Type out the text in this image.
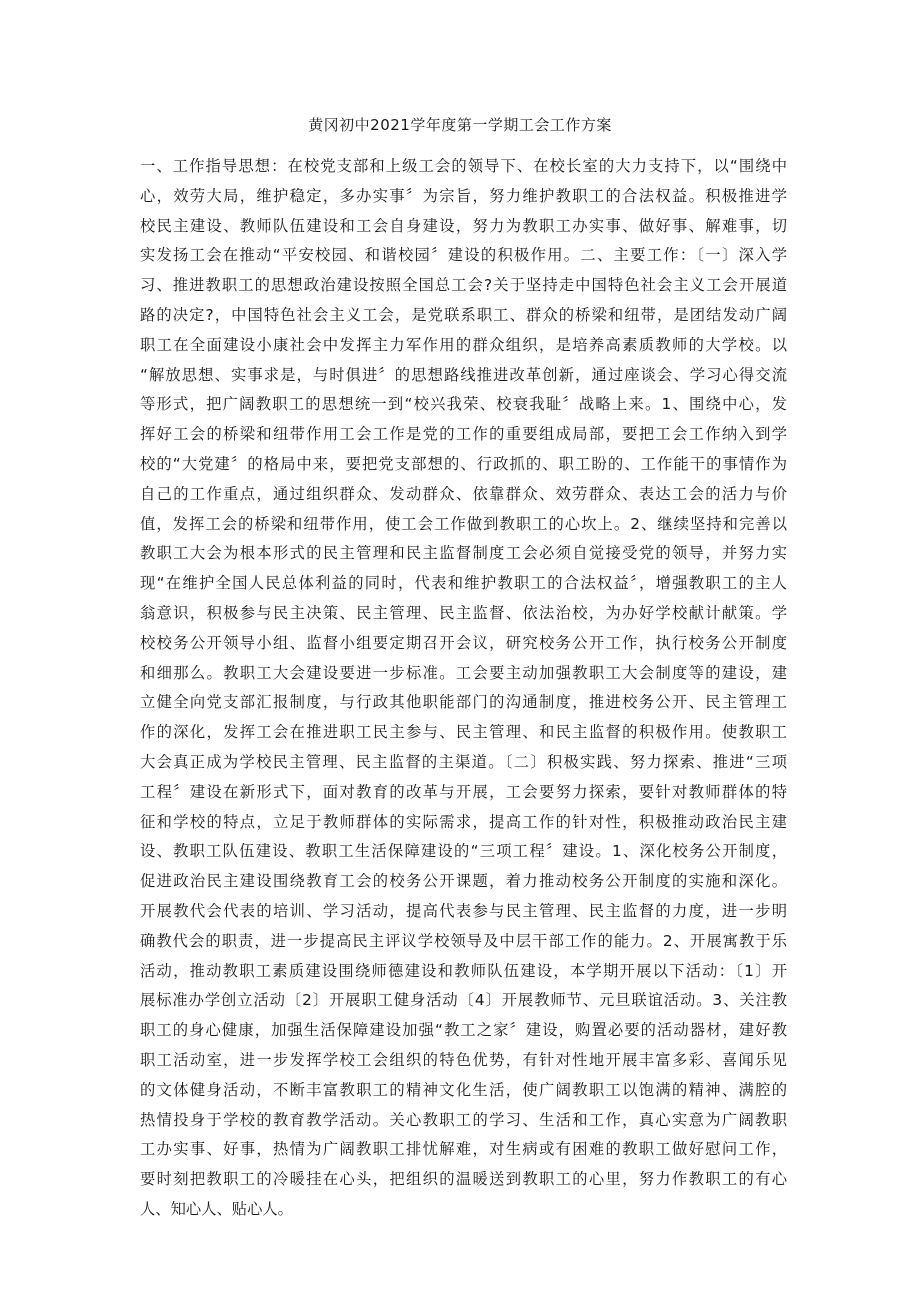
黄冈初中2021学年度第一学期工会工作方案
一、工作指导思想：在校党支部和上级工会的领导下、在校长室的大力支持下，以“围绕中
心，效劳大局，维护稳定，多办实事〞为宗旨，努力维护教职工的合法权益。积极推进学
校民主建设、教师队伍建设和工会自身建设，努力为教职工办实事、做好事、解难事，切
实发扬工会在推动“平安校园、和谐校园〞建设的积极作用。二、主要工作：〔一〕深入学
习、推进教职工的思想政治建设按照全国总工会?关于坚持走中国特色社会主义工会开展道
路的决定?，中国特色社会主义工会，是党联系职工、群众的桥梁和纽带，是团结发动广阔
职工在全面建设小康社会中发挥主力军作用的群众组织，是培养高素质教师的大学校。以
“解放思想、实事求是，与时俱进〞的思想路线推进改革创新，通过座谈会、学习心得交流
等形式，把广阔教职工的思想统一到“校兴我荣、校衰我耻〞战略上来。1、围绕中心，发
挥好工会的桥梁和纽带作用工会工作是党的工作的重要组成局部，要把工会工作纳入到学
校的“大党建〞的格局中来，要把党支部想的、行政抓的、职工盼的、工作能干的事情作为
自己的工作重点，通过组织群众、发动群众、依靠群众、效劳群众、表达工会的活力与价
值，发挥工会的桥梁和纽带作用，使工会工作做到教职工的心坎上。2、继续坚持和完善以
教职工大会为根本形式的民主管理和民主监督制度工会必须自觉接受党的领导，并努力实
现“在维护全国人民总体利益的同时，代表和维护教职工的合法权益〞，增强教职工的主人
翁意识，积极参与民主决策、民主管理、民主监督、依法治校，为办好学校献计献策。学
校校务公开领导小组、监督小组要定期召开会议，研究校务公开工作，执行校务公开制度
和细那么。教职工大会建设要进一步标准。工会要主动加强教职工大会制度等的建设，建
立健全向党支部汇报制度，与行政其他职能部门的沟通制度，推进校务公开、民主管理工
作的深化，发挥工会在推进职工民主参与、民主管理、和民主监督的积极作用。使教职工
大会真正成为学校民主管理、民主监督的主渠道。〔二〕积极实践、努力探索、推进“三项
工程〞建设在新形式下，面对教育的改革与开展，工会要努力探索，要针对教师群体的特
征和学校的特点，立足于教师群体的实际需求，提高工作的针对性，积极推动政治民主建
设、教职工队伍建设、教职工生活保障建设的“三项工程〞建设。1、深化校务公开制度，
促进政治民主建设围绕教育工会的校务公开课题，着力推动校务公开制度的实施和深化。
开展教代会代表的培训、学习活动，提高代表参与民主管理、民主监督的力度，进一步明
确教代会的职责，进一步提高民主评议学校领导及中层干部工作的能力。2、开展寓教于乐
活动，推动教职工素质建设围绕师德建设和教师队伍建设，本学期开展以下活动：〔1〕开
展标准办学创立活动〔2〕开展职工健身活动〔4〕开展教师节、元旦联谊活动。3、关注教
职工的身心健康，加强生活保障建设加强“教工之家〞建设，购置必要的活动器材，建好教
职工活动室，进一步发挥学校工会组织的特色优势，有针对性地开展丰富多彩、喜闻乐见
的文体健身活动，不断丰富教职工的精神文化生活，使广阔教职工以饱满的精神、满腔的
热情投身于学校的教育教学活动。关心教职工的学习、生活和工作，真心实意为广阔教职
工办实事、好事，热情为广阔教职工排忧解难，对生病或有困难的教职工做好慰问工作，
要时刻把教职工的冷暖挂在心头，把组织的温暖送到教职工的心里，努力作教职工的有心
人、知心人、贴心人。
